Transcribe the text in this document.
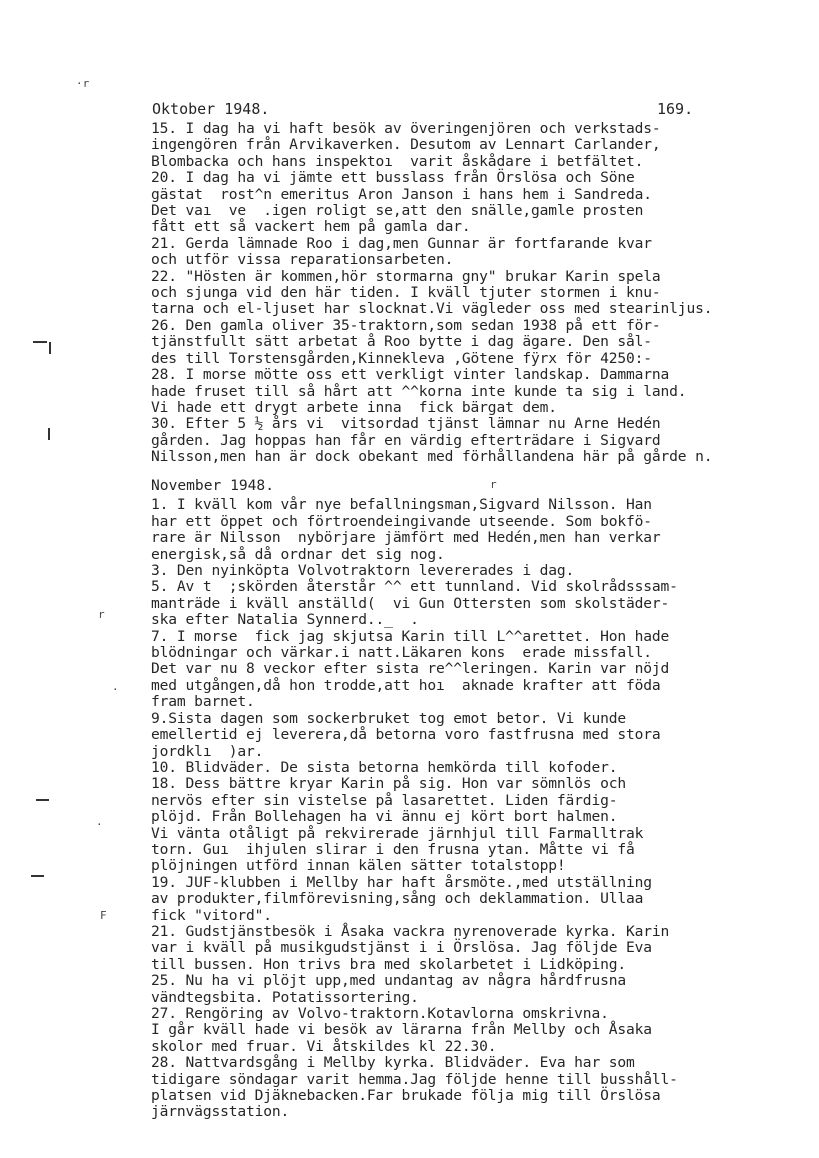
·r
r
·
.
F
r
Oktober 1948.	169.
15. I dag ha vi haft besök av överingenjören och verkstads-
ingengören från Arvikaverken. Desutom av Lennart Carlander,
Blombacka och hans inspektoı  varit åskådare i betfältet.
20. I dag ha vi jämte ett busslass från Örslösa och Söne
gästat  rost^n emeritus Aron Janson i hans hem i Sandreda.
Det vaı  ve  .igen roligt se,att den snälle,gamle prosten
fått ett så vackert hem på gamla dar.
21. Gerda lämnade Roo i dag,men Gunnar är fortfarande kvar
och utför vissa reparationsarbeten.
22. "Hösten är kommen,hör stormarna gny" brukar Karin spela
och sjunga vid den här tiden. I kväll tjuter stormen i knu-
tarna och el-ljuset har slocknat.Vi vägleder oss med stearinljus.
26. Den gamla oliver 35-traktorn,som sedan 1938 på ett för-
tjänstfullt sätt arbetat å Roo bytte i dag ägare. Den sål-
des till Torstensgården,Kinnekleva ,Götene fÿrx för 4250:-
28. I morse mötte oss ett verkligt vinter landskap. Dammarna
hade fruset till så hårt att ^^korna inte kunde ta sig i land.
Vi hade ett drygt arbete inna  fick bärgat dem.
30. Efter 5 ½ års vi  vitsordad tjänst lämnar nu Arne Hedén
gården. Jag hoppas han får en värdig efterträdare i Sigvard
Nilsson,men han är dock obekant med förhållandena här på gårde n.
November 1948.
1. I kväll kom vår nye befallningsman,Sigvard Nilsson. Han
har ett öppet och förtroendeingivande utseende. Som bokfö-
rare är Nilsson  nybörjare jämfört med Hedén,men han verkar
energisk,så då ordnar det sig nog.
3. Den nyinköpta Volvotraktorn levererades i dag.
5. Av t  ;skörden återstår ^^ ett tunnland. Vid skolrådsssam-
manträde i kväll anställd(  vi Gun Ottersten som skolstäder-
ska efter Natalia Synnerd.._  .
7. I morse  fick jag skjutsa Karin till L^^arettet. Hon hade
blödningar och värkar.i natt.Läkaren kons  erade missfall.
Det var nu 8 veckor efter sista re^^leringen. Karin var nöjd
med utgången,då hon trodde,att hoı  aknade krafter att föda
fram barnet.
9.Sista dagen som sockerbruket tog emot betor. Vi kunde
emellertid ej leverera,då betorna voro fastfrusna med stora
jordklı  )ar.
10. Blidväder. De sista betorna hemkörda till kofoder.
18. Dess bättre kryar Karin på sig. Hon var sömnlös och
nervös efter sin vistelse på lasarettet. Liden färdig-
plöjd. Från Bollehagen ha vi ännu ej kört bort halmen.
Vi vänta otåligt på rekvirerade järnhjul till Farmalltrak
torn. Guı  ihjulen slirar i den frusna ytan. Måtte vi få
plöjningen utförd innan kälen sätter totalstopp!
19. JUF-klubben i Mellby har haft årsmöte.,med utställning
av produkter,filmförevisning,sång och deklammation. Ullaa
fick "vitord".
21. Gudstjänstbesök i Åsaka vackra nyrenoverade kyrka. Karin
var i kväll på musikgudstjänst i i Örslösa. Jag följde Eva
till bussen. Hon trivs bra med skolarbetet i Lidköping.
25. Nu ha vi plöjt upp,med undantag av några hårdfrusna
vändtegsbita. Potatissortering.
27. Rengöring av Volvo-traktorn.Kotavlorna omskrivna.
I går kväll hade vi besök av lärarna från Mellby och Åsaka
skolor med fruar. Vi åtskildes kl 22.30.
28. Nattvardsgång i Mellby kyrka. Blidväder. Eva har som
tidigare söndagar varit hemma.Jag följde henne till busshåll-
platsen vid Djäknebacken.Far brukade följa mig till Örslösa
järnvägsstation.
